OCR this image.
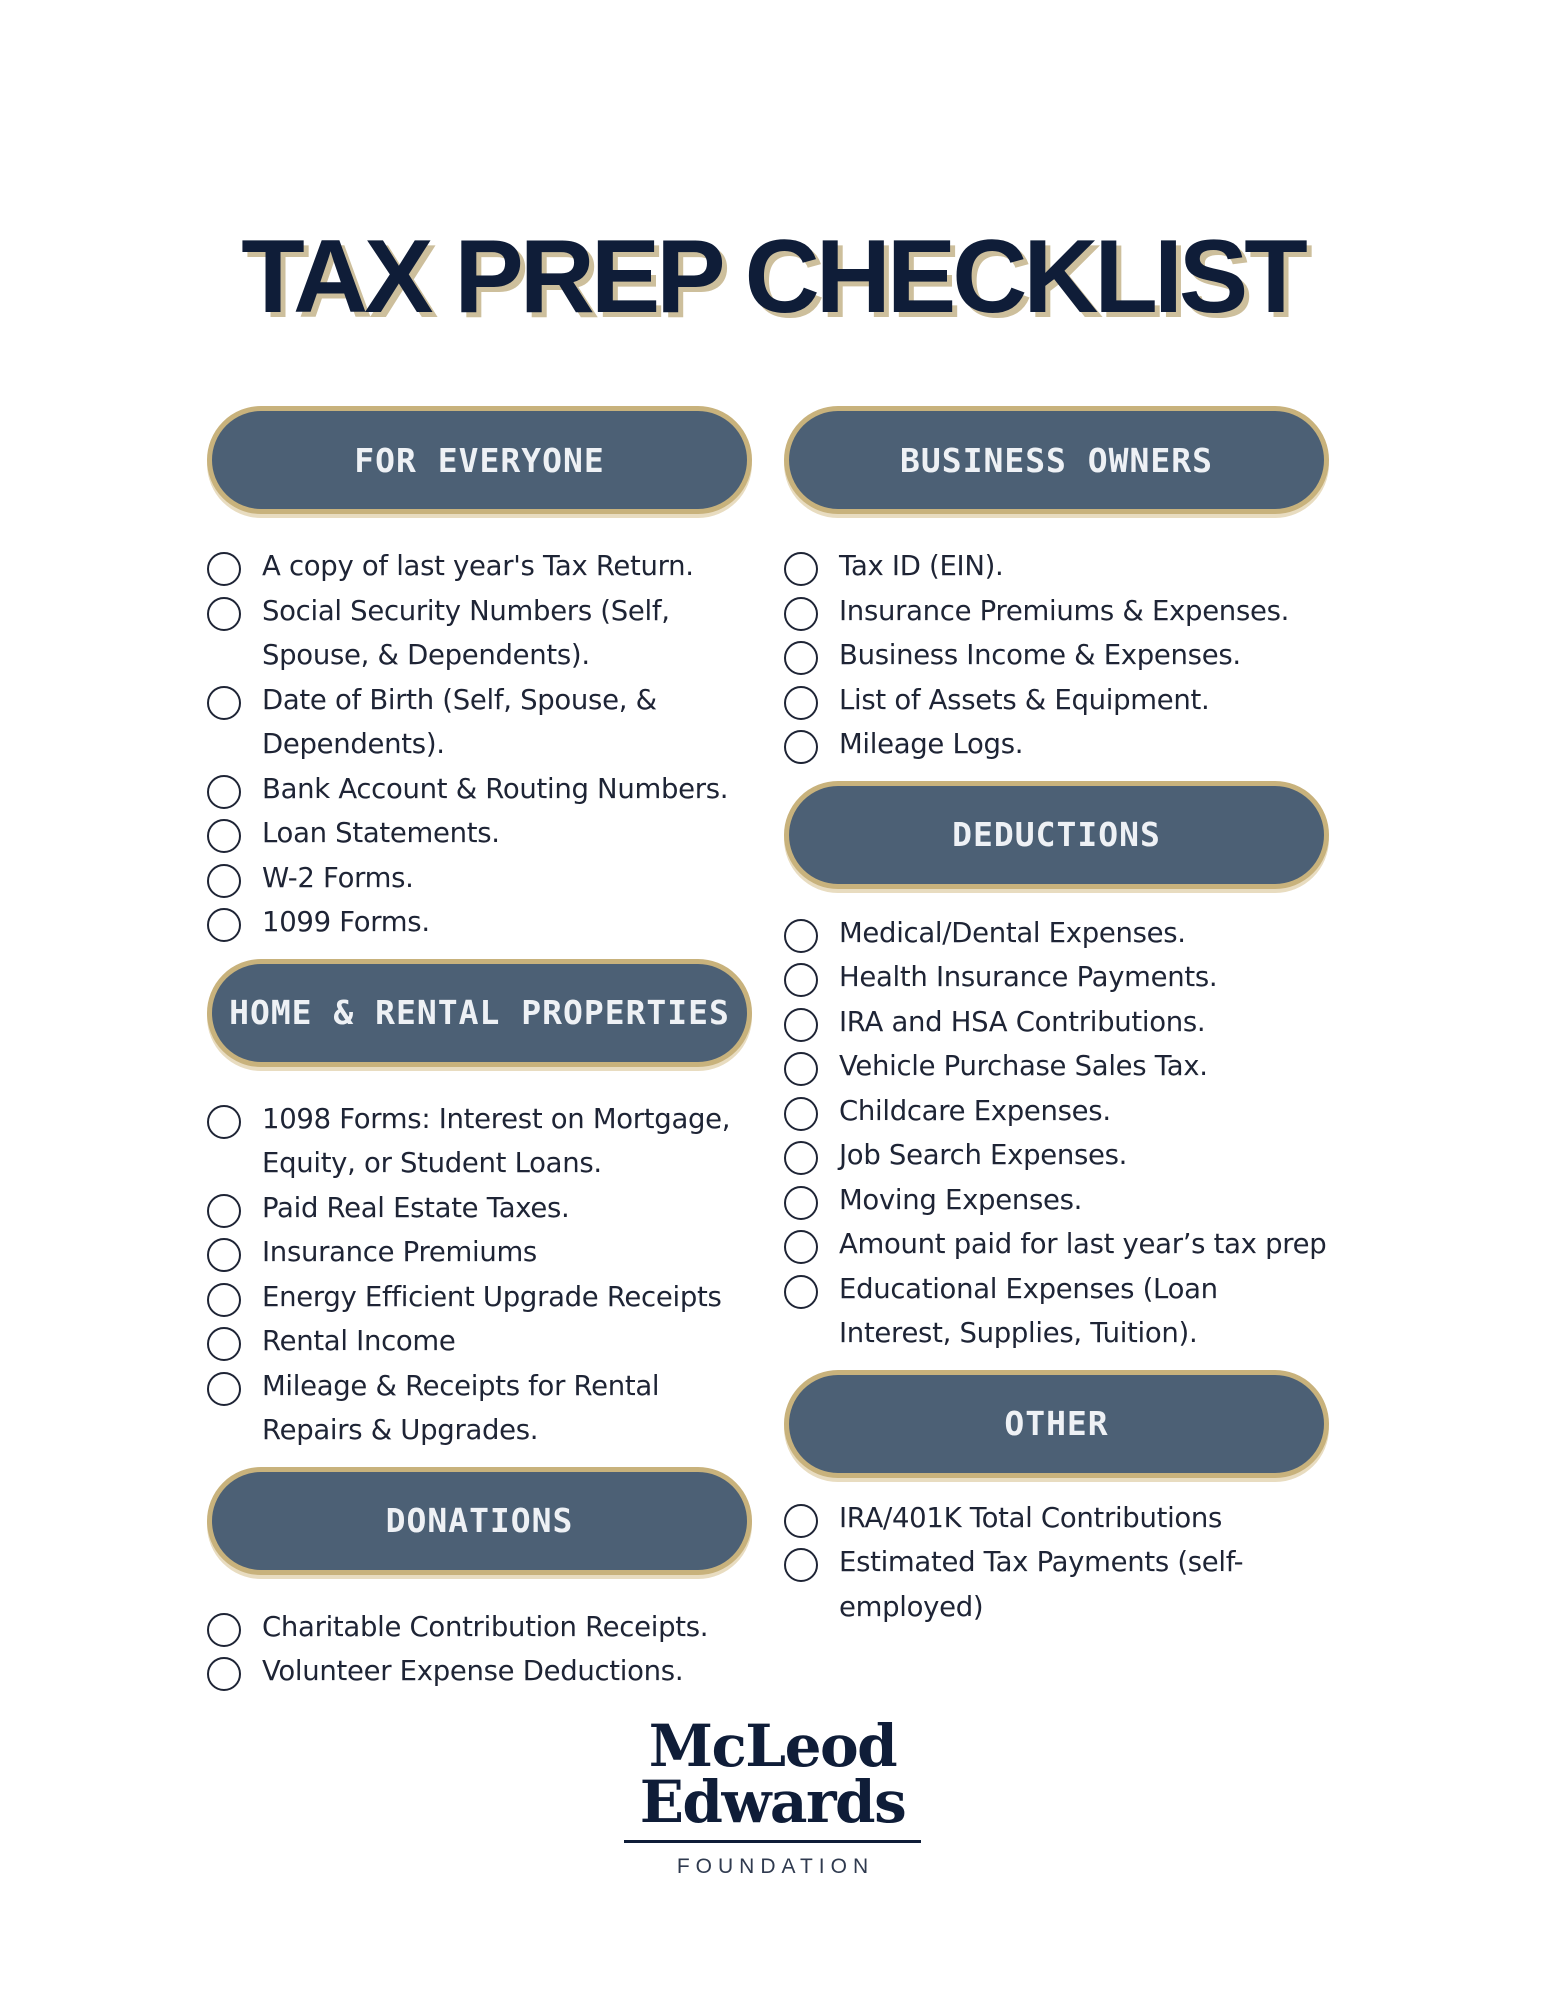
TAX PREP CHECKLIST
FOR EVERYONE
A copy of last year's Tax Return.
Social Security Numbers (Self, Spouse, & Dependents).
Date of Birth (Self, Spouse, & Dependents).
Bank Account & Routing Numbers.
Loan Statements.
W-2 Forms.
1099 Forms.
HOME & RENTAL PROPERTIES
1098 Forms: Interest on Mortgage, Equity, or Student Loans.
Paid Real Estate Taxes.
Insurance Premiums
Energy Efficient Upgrade Receipts
Rental Income
Mileage & Receipts for Rental Repairs & Upgrades.
DONATIONS
Charitable Contribution Receipts.
Volunteer Expense Deductions.
BUSINESS OWNERS
Tax ID (EIN).
Insurance Premiums & Expenses.
Business Income & Expenses.
List of Assets & Equipment.
Mileage Logs.
DEDUCTIONS
Medical/Dental Expenses.
Health Insurance Payments.
IRA and HSA Contributions.
Vehicle Purchase Sales Tax.
Childcare Expenses.
Job Search Expenses.
Moving Expenses.
Amount paid for last year’s tax prep
Educational Expenses (Loan Interest, Supplies, Tuition).
OTHER
IRA/401K Total Contributions
Estimated Tax Payments (self-employed)
McLeod
Edwards
FOUNDATION
